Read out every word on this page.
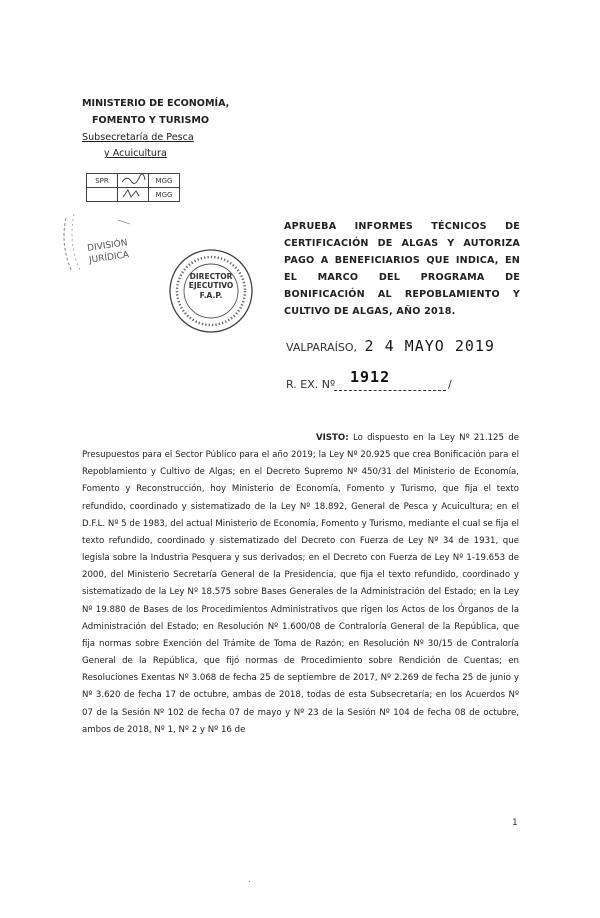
MINISTERIO DE ECONOMÍA,
FOMENTO Y TURISMO
Subsecretaría de Pesca
y Acuicultura
SPR		MGG
		MGG
DIVISIÓN
JURÍDICA
DIRECTOR
EJECUTIVO
F.A.P.
APRUEBA INFORMES TÉCNICOS DE CERTIFICACIÓN DE ALGAS Y AUTORIZA PAGO A BENEFICIARIOS QUE INDICA, EN EL MARCO DEL PROGRAMA DE BONIFICACIÓN AL REPOBLAMIENTO Y CULTIVO DE ALGAS, AÑO 2018.
VALPARAÍSO, 2 4 MAYO 2019
R. EX. Nº 1912	/

VISTO: Lo dispuesto en la Ley Nº 21.125 de Presupuestos para el Sector Público para el año 2019; la Ley Nº 20.925 que crea Bonificación para el Repoblamiento y Cultivo de Algas; en el Decreto Supremo Nº 450/31 del Ministerio de Economía, Fomento y Reconstrucción, hoy Ministerio de Economía, Fomento y Turismo, que fija el texto refundido, coordinado y sistematizado de la Ley Nº 18.892, General de Pesca y Acuicultura; en el D.F.L. Nº 5 de 1983, del actual Ministerio de Economía, Fomento y Turismo, mediante el cual se fija el texto refundido, coordinado y sistematizado del Decreto con Fuerza de Ley Nº 34 de 1931, que legisla sobre la Industria Pesquera y sus derivados; en el Decreto con Fuerza de Ley Nº 1-19.653 de 2000, del Ministerio Secretaría General de la Presidencia, que fija el texto refundido, coordinado y sistematizado de la Ley Nº 18.575 sobre Bases Generales de la Administración del Estado; en la Ley Nº 19.880 de Bases de los Procedimientos Administrativos que rigen los Actos de los Órganos de la Administración del Estado; en Resolución Nº 1.600/08 de Contraloría General de la República, que fija normas sobre Exención del Trámite de Toma de Razón; en Resolución Nº 30/15 de Contraloría General de la República, que fijó normas de Procedimiento sobre Rendición de Cuentas; en Resoluciones Exentas Nº 3.068 de fecha 25 de septiembre de 2017, Nº 2.269 de fecha 25 de junio y Nº 3.620 de fecha 17 de octubre, ambas de 2018, todas de esta Subsecretaría; en los Acuerdos Nº 07 de la Sesión Nº 102 de fecha 07 de mayo y Nº 23 de la Sesión Nº 104 de fecha 08 de octubre, ambos de 2018, Nº 1, Nº 2 y Nº 16 de

1
.
